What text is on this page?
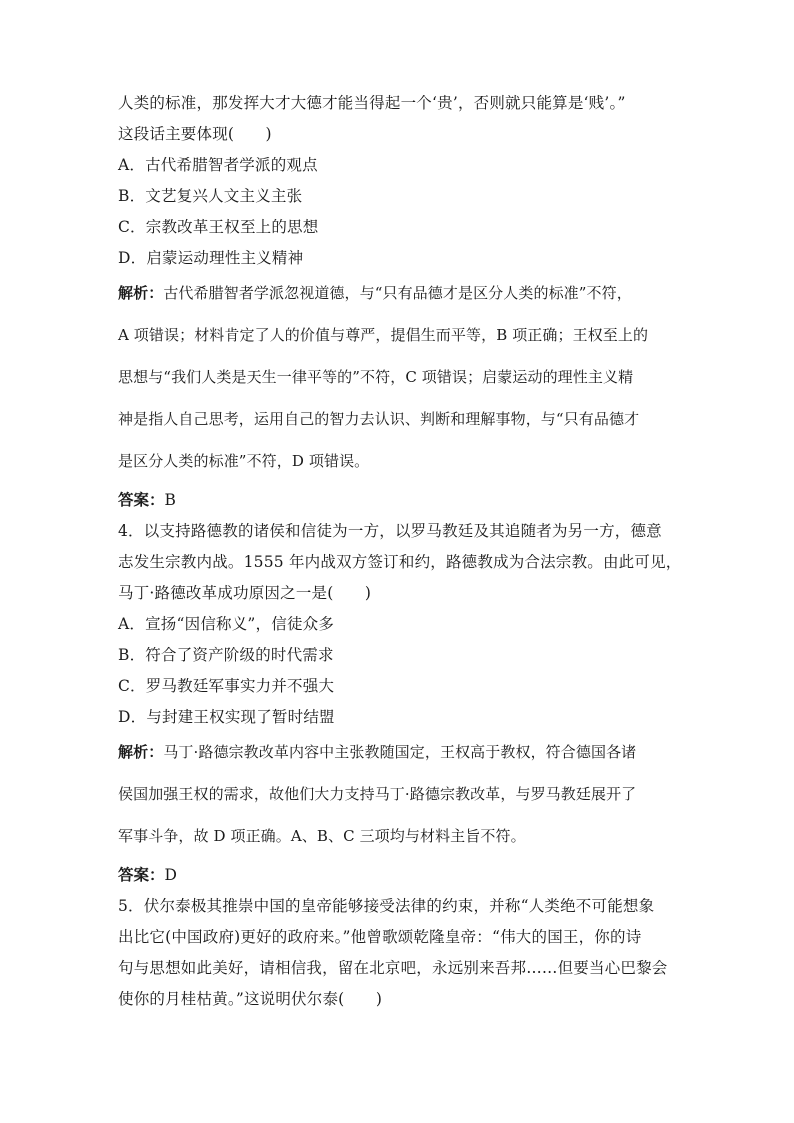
人类的标准，那发挥大才大德才能当得起一个‘贵’，否则就只能算是‘贱’。”
这段话主要体现(　　)
A．古代希腊智者学派的观点
B．文艺复兴人文主义主张
C．宗教改革王权至上的思想
D．启蒙运动理性主义精神
解析：古代希腊智者学派忽视道德，与“只有品德才是区分人类的标准”不符，
A 项错误；材料肯定了人的价值与尊严，提倡生而平等，B 项正确；王权至上的
思想与“我们人类是天生一律平等的”不符，C 项错误；启蒙运动的理性主义精
神是指人自己思考，运用自己的智力去认识、判断和理解事物，与“只有品德才
是区分人类的标准”不符，D 项错误。
答案：B
4．以支持路德教的诸侯和信徒为一方，以罗马教廷及其追随者为另一方，德意
志发生宗教内战。1555 年内战双方签订和约，路德教成为合法宗教。由此可见，
马丁·路德改革成功原因之一是(　　)
A．宣扬“因信称义”，信徒众多
B．符合了资产阶级的时代需求
C．罗马教廷军事实力并不强大
D．与封建王权实现了暂时结盟
解析：马丁·路德宗教改革内容中主张教随国定，王权高于教权，符合德国各诸
侯国加强王权的需求，故他们大力支持马丁·路德宗教改革，与罗马教廷展开了
军事斗争，故 D 项正确。A、B、C 三项均与材料主旨不符。
答案：D
5．伏尔泰极其推崇中国的皇帝能够接受法律的约束，并称“人类绝不可能想象
出比它(中国政府)更好的政府来。”他曾歌颂乾隆皇帝：“伟大的国王，你的诗
句与思想如此美好，请相信我，留在北京吧，永远别来吾邦……但要当心巴黎会
使你的月桂枯黄。”这说明伏尔泰(　　)
